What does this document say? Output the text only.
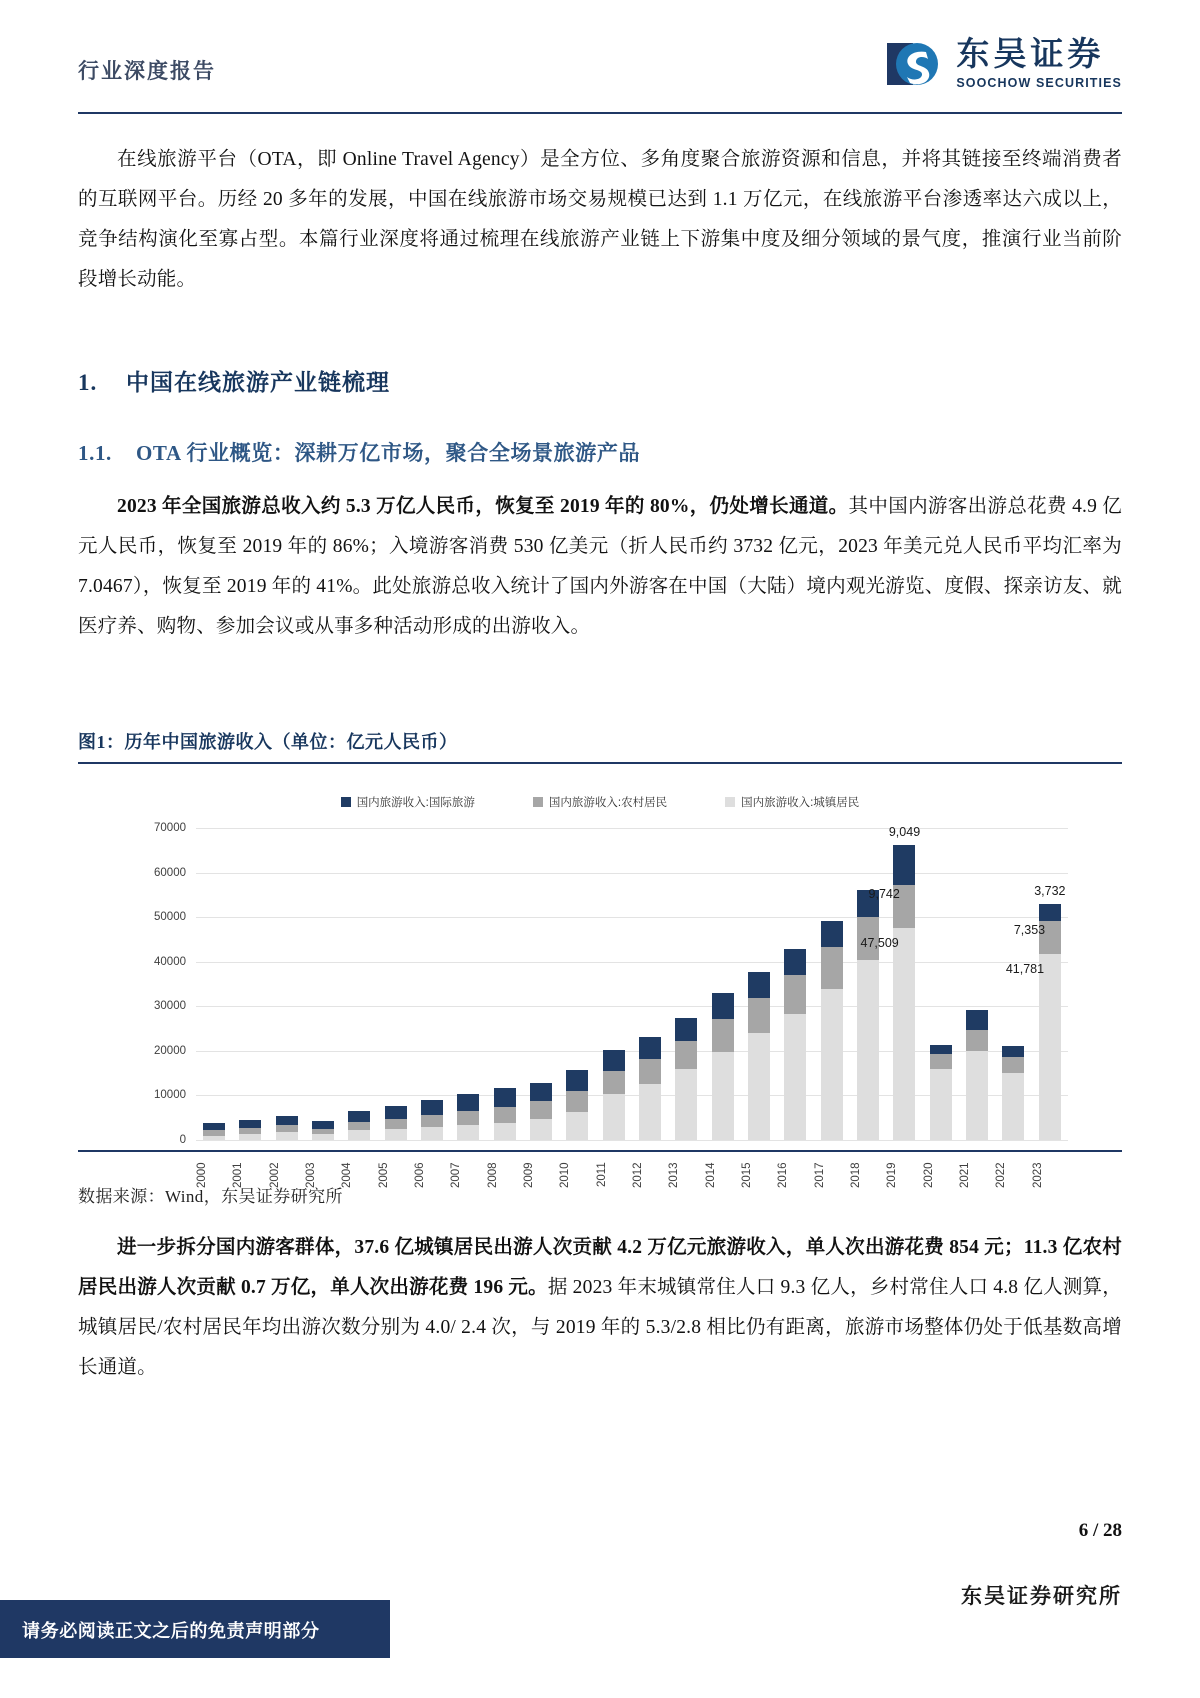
行业深度报告	东吴证券
SOOCHOW SECURITIES

在线旅游平台（OTA，即 Online Travel Agency）是全方位、多角度聚合旅游资源和信息，并将其链接至终端消费者的互联网平台。历经 20 多年的发展，中国在线旅游市场交易规模已达到 1.1 万亿元，在线旅游平台渗透率达六成以上，竞争结构演化至寡占型。本篇行业深度将通过梳理在线旅游产业链上下游集中度及细分领域的景气度，推演行业当前阶段增长动能。

1. 中国在线旅游产业链梳理
1.1. OTA 行业概览：深耕万亿市场，聚合全场景旅游产品

2023 年全国旅游总收入约 5.3 万亿人民币，恢复至 2019 年的 80%，仍处增长通道。其中国内游客出游总花费 4.9 亿元人民币，恢复至 2019 年的 86%；入境游客消费 530 亿美元（折人民币约 3732 亿元，2023 年美元兑人民币平均汇率为 7.0467），恢复至 2019 年的 41%。此处旅游总收入统计了国内外游客在中国（大陆）境内观光游览、度假、探亲访友、就医疗养、购物、参加会议或从事多种活动形成的出游收入。

图1：历年中国旅游收入（单位：亿元人民币）
国内旅游收入:国际旅游	国内旅游收入:农村居民	国内旅游收入:城镇居民
0
10000
20000
30000
40000
50000
60000
70000	9,049
9,742
47,509
3,732
7,353
41,781
2000	2001	2002	2003	2004	2005	2006	2007	2008	2009	2010	2011	2012	2013	2014	2015	2016	2017	2018	2019	2020	2021	2022	2023
数据来源：Wind，东吴证券研究所

进一步拆分国内游客群体，37.6 亿城镇居民出游人次贡献 4.2 万亿元旅游收入，单人次出游花费 854 元；11.3 亿农村居民出游人次贡献 0.7 万亿，单人次出游花费 196 元。据 2023 年末城镇常住人口 9.3 亿人，乡村常住人口 4.8 亿人测算，城镇居民/农村居民年均出游次数分别为 4.0/ 2.4 次，与 2019 年的 5.3/2.8 相比仍有距离，旅游市场整体仍处于低基数高增长通道。

6 / 28
东吴证券研究所
请务必阅读正文之后的免责声明部分
